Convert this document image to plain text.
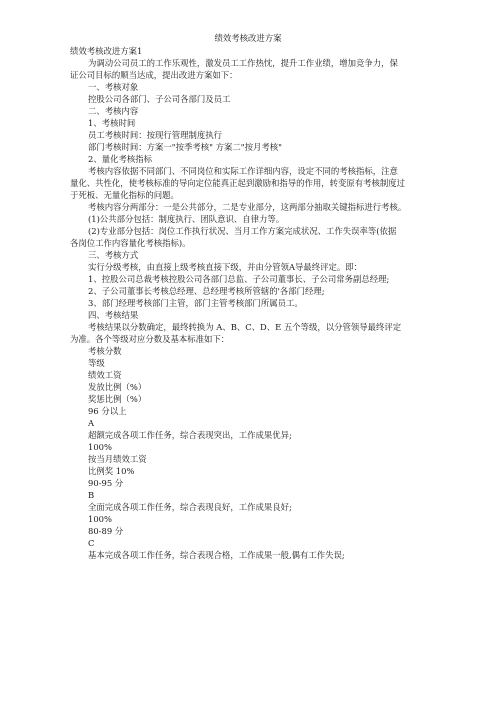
绩效考核改进方案

绩效考核改进方案1

为调动公司员工的工作乐观性，激发员工工作热忱，提升工作业绩，增加竞争力，保

证公司目标的顺当达成，提出改进方案如下：

一、考核对象

控股公司各部门、子公司各部门及员工

二、考核内容

1、考核时间

员工考核时间：按现行管理制度执行

部门考核时间：方案一"按季考核" 方案二"按月考核"

2、量化考核指标

考核内容依据不同部门、不同岗位和实际工作详细内容，设定不同的考核指标，注意

量化、共性化，使考核标准的导向定位能真正起到激励和指导的作用，转变原有考核制度过

于死板、无量化指标的问题。

考核内容分两部分：一是公共部分，二是专业部分，这两部分抽取关键指标进行考核。

(1)公共部分包括：制度执行、团队意识、自律力等。

(2)专业部分包括：岗位工作执行状况、当月工作方案完成状况、工作失误率等(依据

各岗位工作内容量化考核指标)。

三、考核方式

实行分级考核，由直接上级考核直接下级，并由分管领A导最终评定。即：

1、控股公司总裁考核控股公司各部门总监、子公司董事长、子公司常务副总经理;

2、子公司董事长考核总经理、总经理考核所管辖的'各部门经理;

3、部门经理考核部门主管，部门主管考核部门所属员工。

四、考核结果

考核结果以分数确定，最终转换为 A、B、C、D、E 五个等级，以分管领导最终评定

为准。各个等级对应分数及基本标准如下：

考核分数

等级

绩效工资

发放比例（%）

奖惩比例（%）

96 分以上

A

超额完成各项工作任务，综合表现突出，工作成果优异;

100%

按当月绩效工资

比例奖 10%

90-95 分

B

全面完成各项工作任务，综合表现良好，工作成果良好;

100%

80-89 分

C

基本完成各项工作任务，综合表现合格，工作成果一般,偶有工作失误;
